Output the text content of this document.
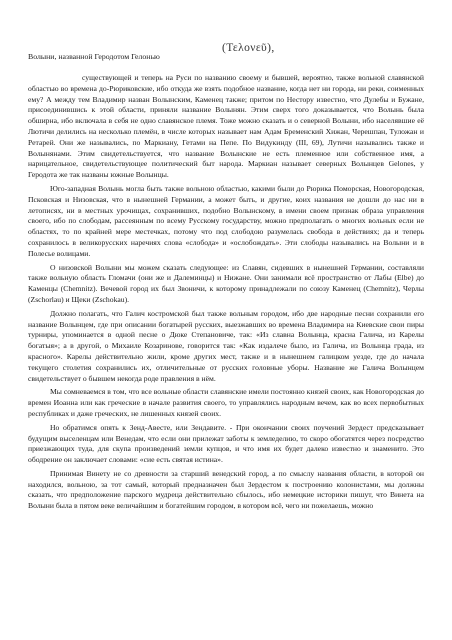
Волыни, названной Геродотом Гелонью
(Τελονεῦ),

существующей и теперь на Руси по названию своему и бывшей, вероятно, также вольной славянской областью во времена до-Рюриковские, ибо откуда же взять подобное название, когда нет ни города, ни реки, соименных ему? А между тем Владимир назван Волынским, Каменец также; притом по Нестору известно, что Дулебы и Бужане, присоединившись к этой области, приняли название Волынян. Этим сверх того доказывается, что Волынь была обширна, ибо включала в себя не одно славянское племя. Тоже можно сказать и о северной Волыни, ибо населявшие её Лютичи делились на несколько племён, в числе которых называет нам Адам Бременский Хижан, Черешпан, Туложан и Ретарей. Они же назывались, по Маркиану, Гетами на Пепе. По Видукинду (III, 69), Лутичи назывались также и Волынянами. Этим свидетельствуется, что название Волынские не есть племенное или собственное имя, а нарицательное, свидетельствующее политический быт народа. Маркиан называет северных Волынцев Gelones, у Геродота же так названы южные Волынцы.

Юго-западная Волынь могла быть также вольною областью, какими были до Рюрика Поморская, Новогородская, Псковская и Низовская, что в нынешней Германии, а может быть, и другие, коих названия не дошли до нас ни в летописях, ни в местных урочищах, сохранивших, подобно Волынскому, в имени своем признак образа управления своего, ибо по слободам, рассеянным по всему Русскому государству, можно предполагать о многих вольных если не областях, то по крайней мере местечках, потому что под слободою разумелась свобода в действиях; да и теперь сохранилось в великорусских наречиях слова «слобода» и «ослобождать». Эти слободы назывались на Волыни и в Полесье волицами.

О низовской Волыни мы можем сказать следующее: из Славян, сидевших в нынешней Германии, составляли также вольную область Гломачи (они же и Далеминцы) и Нижане. Они занимали всё пространство от Лабы (Elbe) до Каменцы (Chemnitz). Вечевой город их был Звоничи, к которому принадлежали по союзу Каменец (Chemnitz), Черлы (Zschorlau) и Щеки (Zschokau).

Должно полагать, что Галич костромской был также вольным городом, ибо две народные песни сохранили его название Волынцем, где при описании богатырей русских, выезжавших во времена Владимира на Киевские свои пиры турниры, упоминается в одной песне о Дюке Степановиче, так: «Из славна Волынца, красна Галича, из Карелы богатыя»; а в другой, о Михаиле Козаринове, говорится так: «Как издалече было, из Галича, из Волынца града, из красного». Карелы действительно жили, кроме других мест, также и в нынешнем галицком уезде, где до начала текущего столетия сохранились их, отличительные от русских головные уборы. Название же Галича Волынцем свидетельствует о бывшем некогда роде правления в нём.

Мы сомневаемся в том, что все вольные области славянские имели постоянно князей своих, как Новогородская до времен Иоанна или как греческие в начале развития своего, то управлялись народным вечем, как во всех первобытных республиках и даже греческих, не лишенных князей своих.

Но обратимся опять к Зенд-Авесте, или Зендавите. - При окончании своих поучений Зердест предсказывает будущим выселенцам или Венедам, что если они прилежат заботы к земледелию, то скоро обогатятся через посредство приезжающих туда, для скупа произведений земли купцов, и что имя их будет далеко известно и знаменито. Это ободрение он заключает словами: «сие есть святая истина».

Принимая Винету не со древности за старший венедский город, а по смыслу названия области, в которой он находился, вольною, за тот самый, который предназначен был Зердестом к построению колонистами, мы должны сказать, что предположение парского мудреца действительно сбылось, ибо немецкие историки пишут, что Винета на Волыни была в пятом веке величайшим и богатейшим городом, в котором всё, чего ни пожелаешь, можно
